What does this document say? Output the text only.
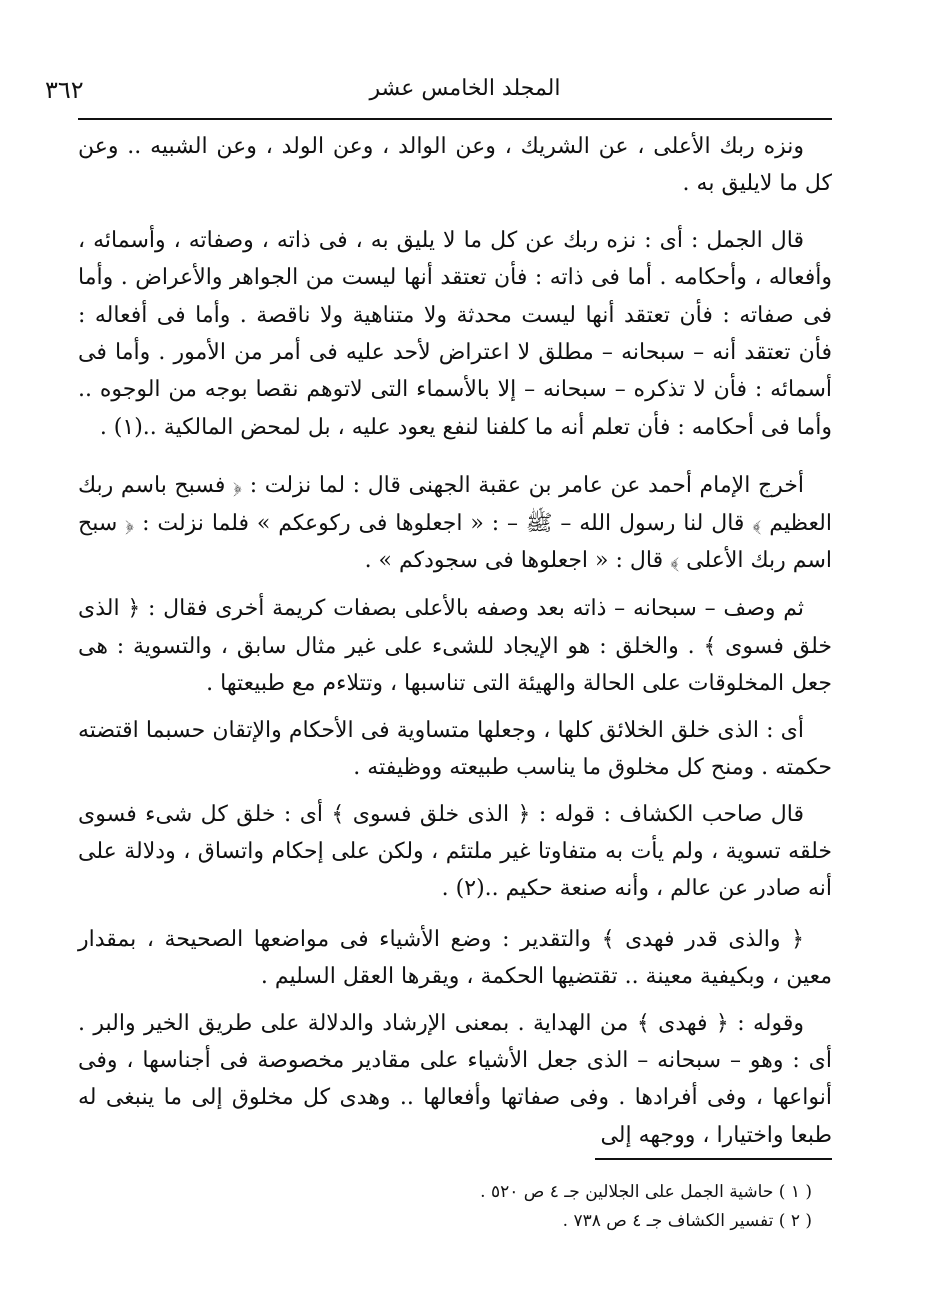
٣٦٢	المجلد الخامس عشر

ونزه ربك الأعلى ، عن الشريك ، وعن الوالد ، وعن الولد ، وعن الشبيه .. وعن كل ما لايليق به .

قال الجمل : أى : نزه ربك عن كل ما لا يليق به ، فى ذاته ، وصفاته ، وأسمائه ، وأفعاله ، وأحكامه . أما فى ذاته : فأن تعتقد أنها ليست من الجواهر والأعراض . وأما فى صفاته : فأن تعتقد أنها ليست محدثة ولا متناهية ولا ناقصة . وأما فى أفعاله : فأن تعتقد أنه – سبحانه – مطلق لا اعتراض لأحد عليه فى أمر من الأمور . وأما فى أسمائه : فأن لا تذكره – سبحانه – إلا بالأسماء التى لاتوهم نقصا بوجه من الوجوه .. وأما فى أحكامه : فأن تعلم أنه ما كلفنا لنفع يعود عليه ، بل لمحض المالكية ..(١) .

أخرج الإمام أحمد عن عامر بن عقبة الجهنى قال : لما نزلت : ﴿ فسبح باسم ربك العظيم ﴾ قال لنا رسول الله – ﷺ – : « اجعلوها فى ركوعكم » فلما نزلت : ﴿ سبح اسم ربك الأعلى ﴾ قال : « اجعلوها فى سجودكم » .

ثم وصف – سبحانه – ذاته بعد وصفه بالأعلى بصفات كريمة أخرى فقال : ﴿ الذى خلق فسوى ﴾ . والخلق : هو الإيجاد للشىء على غير مثال سابق ، والتسوية : هى جعل المخلوقات على الحالة والهيئة التى تناسبها ، وتتلاءم مع طبيعتها .

أى : الذى خلق الخلائق كلها ، وجعلها متساوية فى الأحكام والإتقان حسبما اقتضته حكمته . ومنح كل مخلوق ما يناسب طبيعته ووظيفته .

قال صاحب الكشاف : قوله : ﴿ الذى خلق فسوى ﴾ أى : خلق كل شىء فسوى خلقه تسوية ، ولم يأت به متفاوتا غير ملتئم ، ولكن على إحكام واتساق ، ودلالة على أنه صادر عن عالم ، وأنه صنعة حكيم ..(٢) .

﴿ والذى قدر فهدى ﴾ والتقدير : وضع الأشياء فى مواضعها الصحيحة ، بمقدار معين ، وبكيفية معينة .. تقتضيها الحكمة ، ويقرها العقل السليم .

وقوله : ﴿ فهدى ﴾ من الهداية . بمعنى الإرشاد والدلالة على طريق الخير والبر . أى : وهو – سبحانه – الذى جعل الأشياء على مقادير مخصوصة فى أجناسها ، وفى أنواعها ، وفى أفرادها . وفى صفاتها وأفعالها .. وهدى كل مخلوق إلى ما ينبغى له طبعا واختيارا ، ووجهه إلى

( ١ ) حاشية الجمل على الجلالين جـ ٤ ص ٥٢٠ .
( ٢ ) تفسير الكشاف جـ ٤ ص ٧٣٨ .
